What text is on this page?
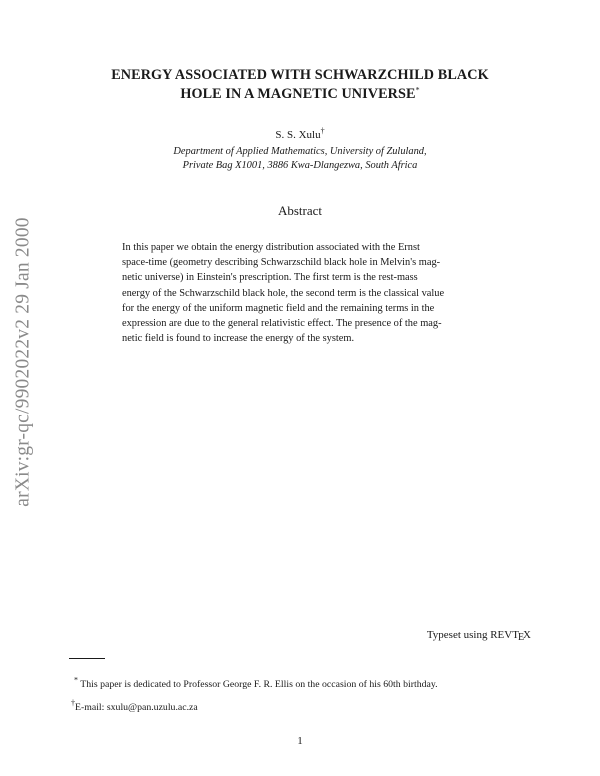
arXiv:gr-qc/9902022v2 29 Jan 2000
ENERGY ASSOCIATED WITH SCHWARZCHILD BLACK
HOLE IN A MAGNETIC UNIVERSE*
S. S. Xulu†
Department of Applied Mathematics, University of Zululand,
Private Bag X1001, 3886 Kwa-Dlangezwa, South Africa
Abstract
In this paper we obtain the energy distribution associated with the Ernst
space-time (geometry describing Schwarzschild black hole in Melvin's mag-
netic universe) in Einstein's prescription. The first term is the rest-mass
energy of the Schwarzschild black hole, the second term is the classical value
for the energy of the uniform magnetic field and the remaining terms in the
expression are due to the general relativistic effect. The presence of the mag-
netic field is found to increase the energy of the system.
Typeset using REVTEX
* This paper is dedicated to Professor George F. R. Ellis on the occasion of his 60th birthday.
†E-mail: sxulu@pan.uzulu.ac.za
1
